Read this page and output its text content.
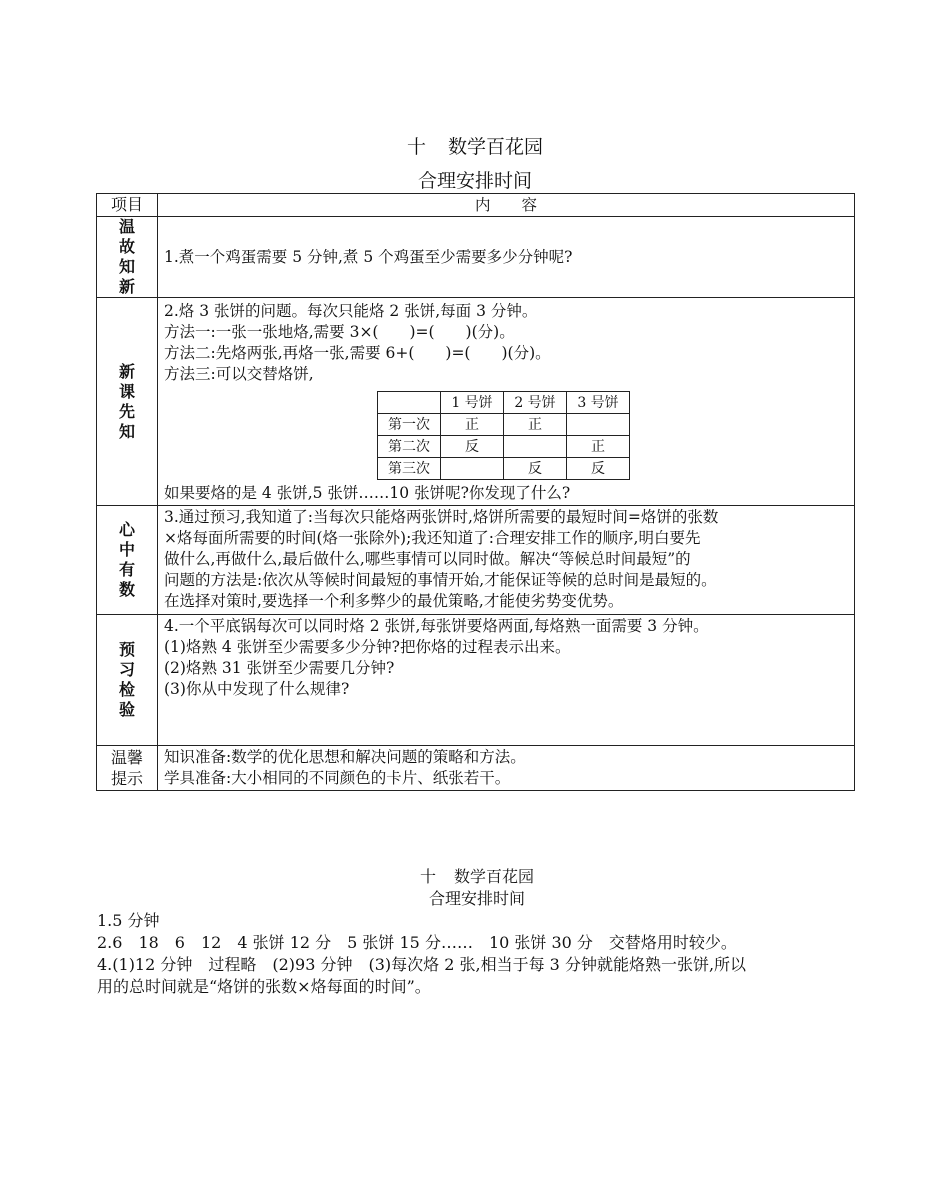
十 数学百花园
合理安排时间
项目	内　　容
温故知新	
1.煮一个鸡蛋需要 5 分钟,煮 5 个鸡蛋至少需要多少分钟呢?

新课先知	
2.烙 3 张饼的问题。每次只能烙 2 张饼,每面 3 分钟。
方法一:一张一张地烙,需要 3×(　　)=(　　)(分)。
方法二:先烙两张,再烙一张,需要 6+(　　)=(　　)(分)。
方法三:可以交替烙饼,
	1 号饼	2 号饼	3 号饼
第一次	正	正	
第二次	反		正
第三次		反	反
如果要烙的是 4 张饼,5 张饼……10 张饼呢?你发现了什么?

心中有数	
3.通过预习,我知道了:当每次只能烙两张饼时,烙饼所需要的最短时间=烙饼的张数
×烙每面所需要的时间(烙一张除外);我还知道了:合理安排工作的顺序,明白要先
做什么,再做什么,最后做什么,哪些事情可以同时做。解决“等候总时间最短”的
问题的方法是:依次从等候时间最短的事情开始,才能保证等候的总时间是最短的。
在选择对策时,要选择一个利多弊少的最优策略,才能使劣势变优势。

预习检验	
4.一个平底锅每次可以同时烙 2 张饼,每张饼要烙两面,每烙熟一面需要 3 分钟。
(1)烙熟 4 张饼至少需要多少分钟?把你烙的过程表示出来。
(2)烙熟 31 张饼至少需要几分钟?
(3)你从中发现了什么规律?

温馨提示	
知识准备:数学的优化思想和解决问题的策略和方法。
学具准备:大小相同的不同颜色的卡片、纸张若干。
十 数学百花园
合理安排时间
1.5 分钟
2.6　18　6　12　4 张饼 12 分　5 张饼 15 分……　10 张饼 30 分　交替烙用时较少。
4.(1)12 分钟　过程略　(2)93 分钟　(3)每次烙 2 张,相当于每 3 分钟就能烙熟一张饼,所以
用的总时间就是“烙饼的张数×烙每面的时间”。
